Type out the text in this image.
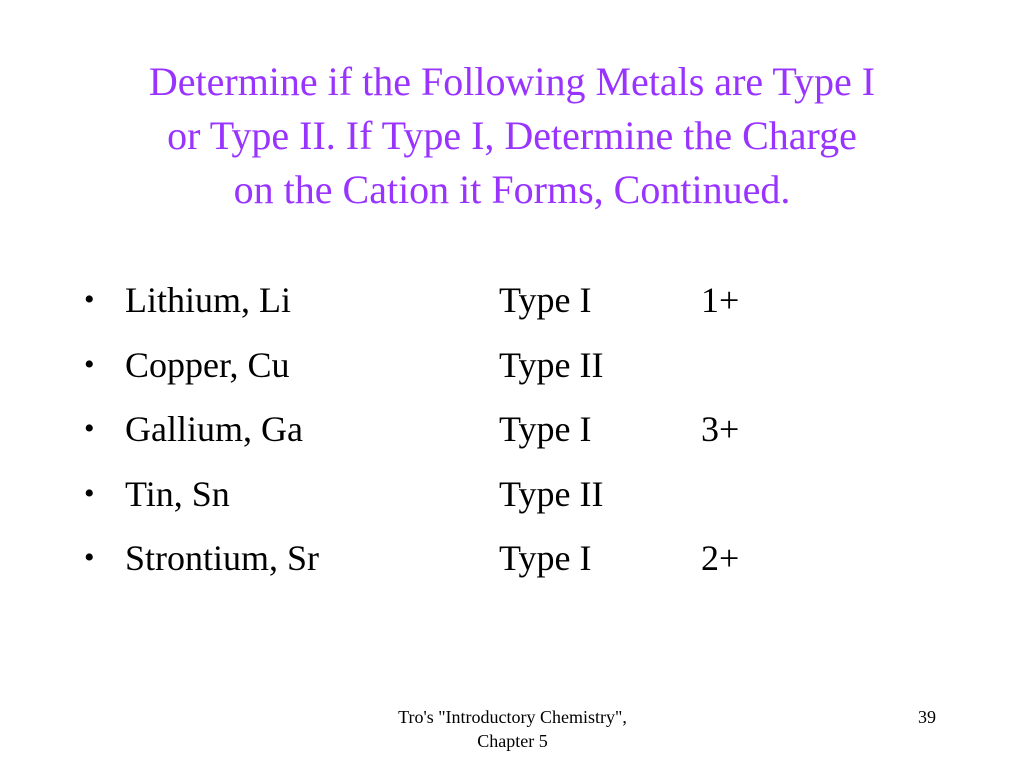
Determine if the Following Metals are Type I
or Type II. If Type I, Determine the Charge
on the Cation it Forms, Continued.
• Lithium, Li	Type I	1+
• Copper, Cu	Type II
• Gallium, Ga	Type I	3+
• Tin, Sn	Type II
• Strontium, Sr	Type I	2+
Tro's "Introductory Chemistry",
Chapter 5
39
